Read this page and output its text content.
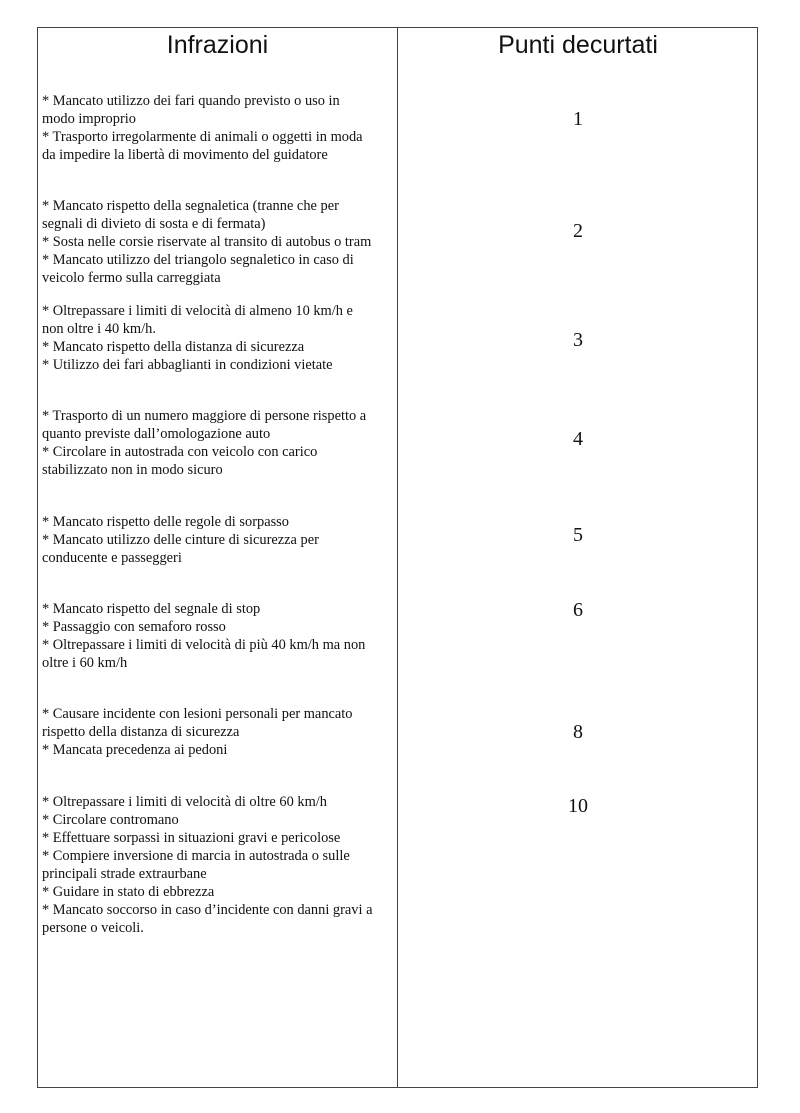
Infrazioni	Punti decurtati
* Mancato utilizzo dei fari quando previsto o uso in
modo improprio
* Trasporto irregolarmente di animali o oggetti in moda
da impedire la libertà di movimento del guidatore
1
* Mancato rispetto della segnaletica (tranne che per
segnali di divieto di sosta e di fermata)
* Sosta nelle corsie riservate al transito di autobus o tram
* Mancato utilizzo del triangolo segnaletico in caso di
veicolo fermo sulla carreggiata
2
* Oltrepassare i limiti di velocità di almeno 10 km/h e
non oltre i 40 km/h.
* Mancato rispetto della distanza di sicurezza
* Utilizzo dei fari abbaglianti in condizioni vietate
3
* Trasporto di un numero maggiore di persone rispetto a
quanto previste dall’omologazione auto
* Circolare in autostrada con veicolo con carico
stabilizzato non in modo sicuro
4
* Mancato rispetto delle regole di sorpasso
* Mancato utilizzo delle cinture di sicurezza per
conducente e passeggeri
5
* Mancato rispetto del segnale di stop
* Passaggio con semaforo rosso
* Oltrepassare i limiti di velocità di più 40 km/h ma non
oltre i 60 km/h
6
* Causare incidente con lesioni personali per mancato
rispetto della distanza di sicurezza
* Mancata precedenza ai pedoni
8
* Oltrepassare i limiti di velocità di oltre 60 km/h
* Circolare contromano
* Effettuare sorpassi in situazioni gravi e pericolose
* Compiere inversione di marcia in autostrada o sulle
principali strade extraurbane
* Guidare in stato di ebbrezza
* Mancato soccorso in caso d’incidente con danni gravi a
persone o veicoli.
10
